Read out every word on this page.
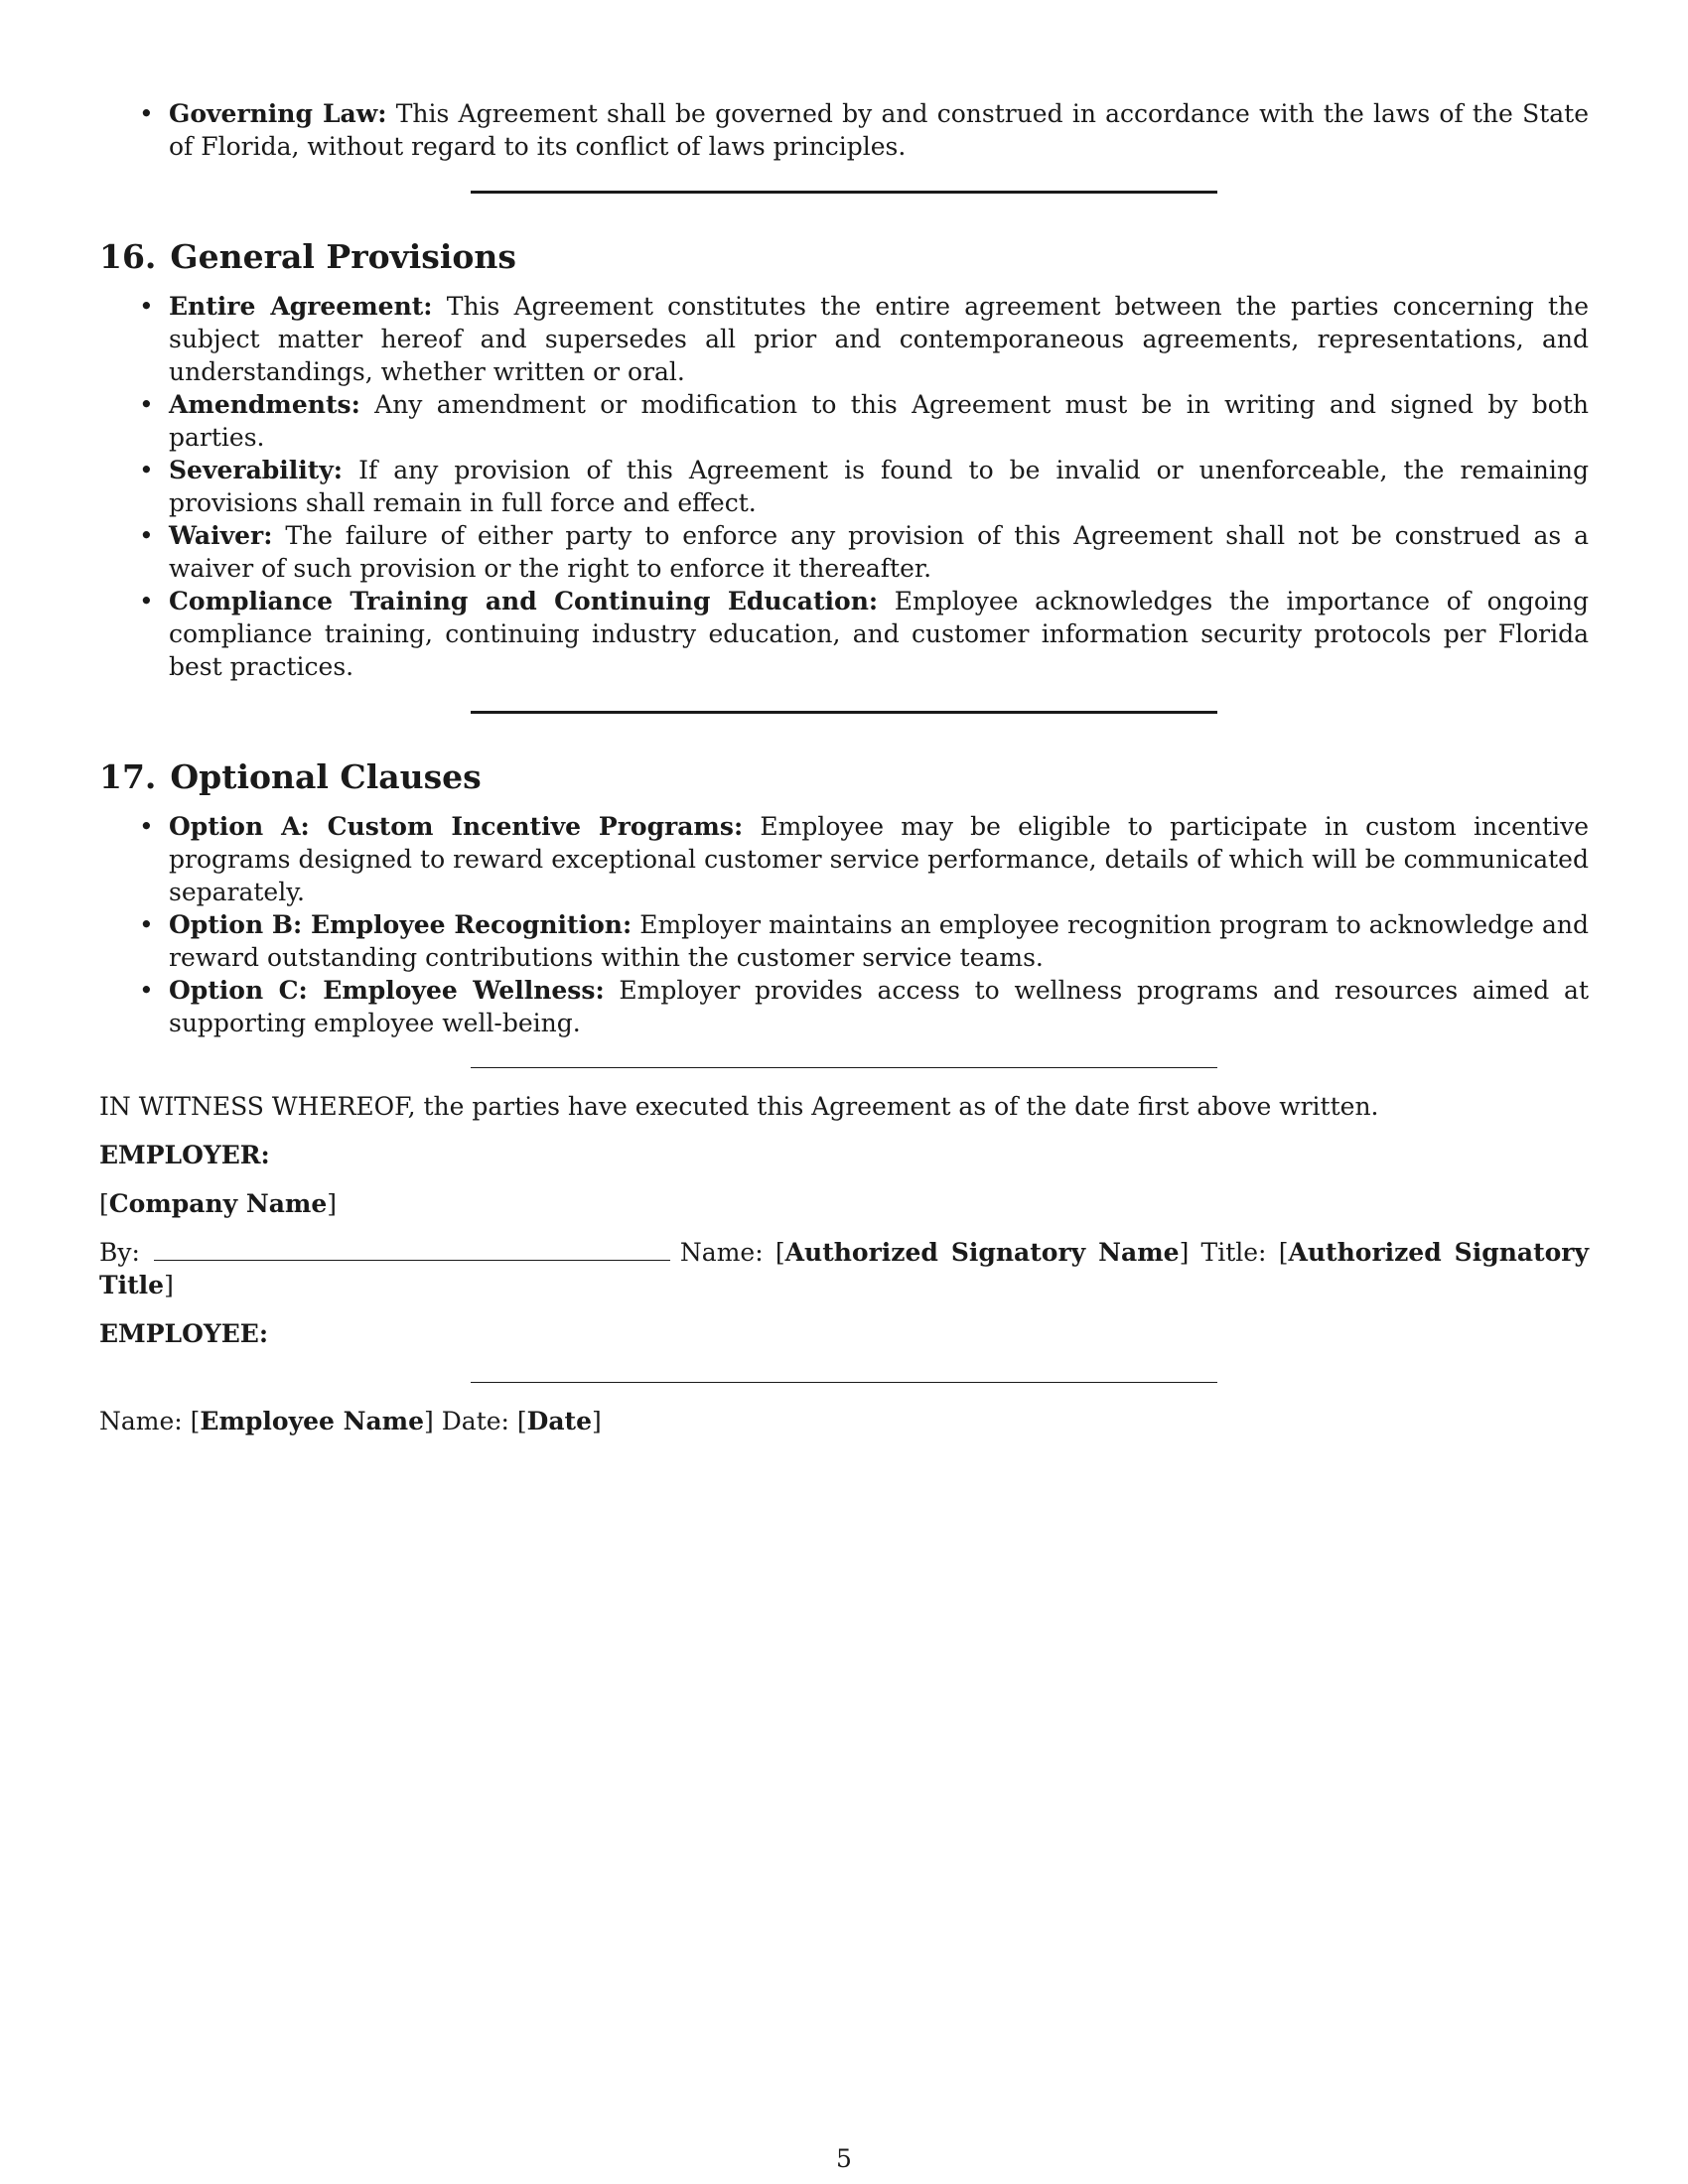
• Governing Law: This Agreement shall be governed by and construed in accordance with the laws of the State of Florida, without regard to its conflict of laws principles.
16. General Provisions
• Entire Agreement: This Agreement constitutes the entire agreement between the parties concerning the subject matter hereof and supersedes all prior and contemporaneous agreements, representations, and understandings, whether written or oral.
• Amendments: Any amendment or modification to this Agreement must be in writing and signed by both parties.
• Severability: If any provision of this Agreement is found to be invalid or unenforceable, the remaining provisions shall remain in full force and effect.
• Waiver: The failure of either party to enforce any provision of this Agreement shall not be construed as a waiver of such provision or the right to enforce it thereafter.
• Compliance Training and Continuing Education: Employee acknowledges the importance of ongoing compliance training, continuing industry education, and customer information security protocols per Florida best practices.
17. Optional Clauses
• Option A: Custom Incentive Programs: Employee may be eligible to participate in custom incentive programs designed to reward exceptional customer service performance, details of which will be communicated separately.
• Option B: Employee Recognition: Employer maintains an employee recognition program to acknowledge and reward outstanding contributions within the customer service teams.
• Option C: Employee Wellness: Employer provides access to wellness programs and resources aimed at supporting employee well-being.

IN WITNESS WHEREOF, the parties have executed this Agreement as of the date first above written.

EMPLOYER:

[Company Name]

By:	Name: [Authorized Signatory Name] Title: [Authorized Signatory Title]

EMPLOYEE:

Name: [Employee Name] Date: [Date]

5
